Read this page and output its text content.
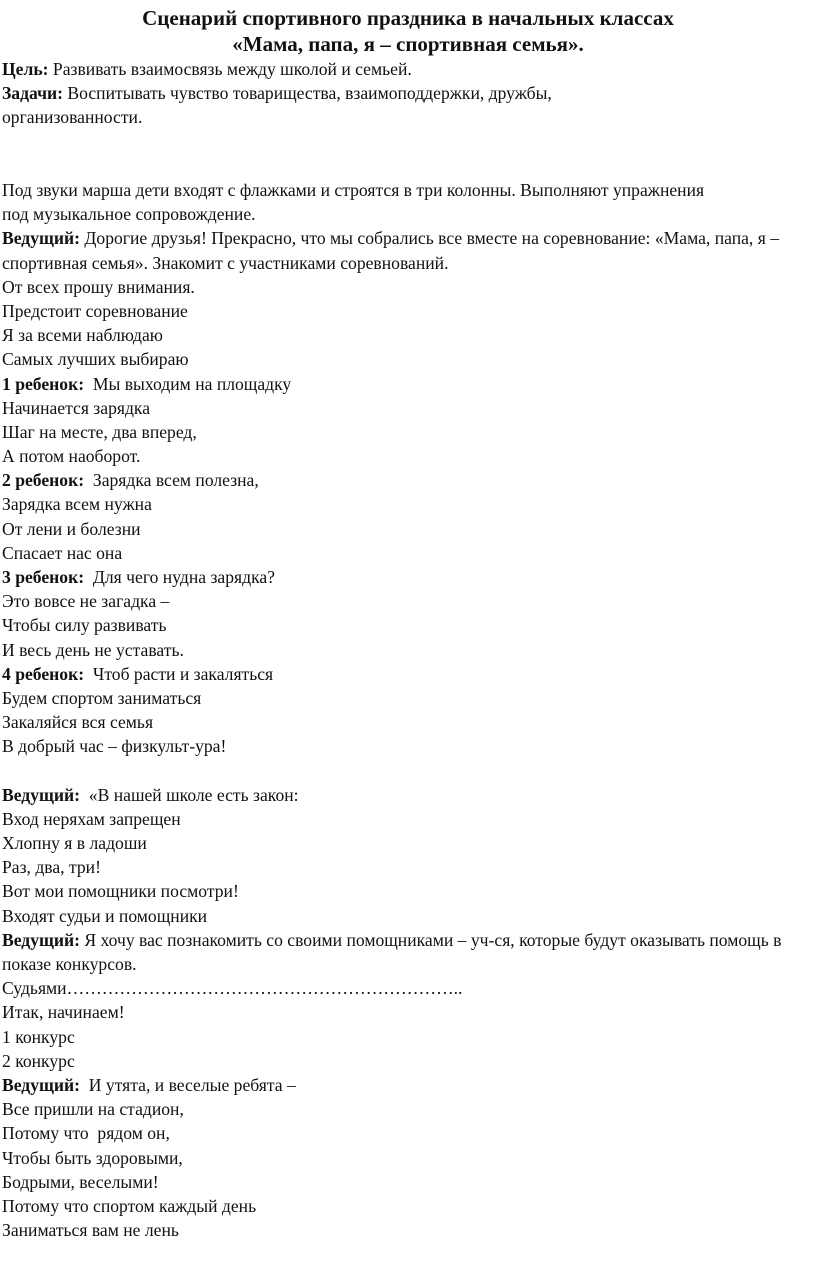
Сценарий спортивного праздника в начальных классах

«Мама, папа, я – спортивная семья».

Цель: Развивать взаимосвязь между школой и семьей.

Задачи: Воспитывать чувство товарищества, взаимоподдержки, дружбы, организованности.

Под звуки марша дети входят с флажками и строятся в три колонны. Выполняют упражнения

под музыкальное сопровождение.

Ведущий: Дорогие друзья! Прекрасно, что мы собрались все вместе на соревнование: «Мама, папа, я – спортивная семья». Знакомит с участниками соревнований.

От всех прошу внимания.

Предстоит соревнование

Я за всеми наблюдаю

Самых лучших выбираю

1 ребенок:  Мы выходим на площадку

Начинается зарядка

Шаг на месте, два вперед,

А потом наоборот.

2 ребенок:  Зарядка всем полезна,

Зарядка всем нужна

От лени и болезни

Спасает нас она

3 ребенок:  Для чего нудна зарядка?

Это вовсе не загадка –

Чтобы силу развивать

И весь день не уставать.

4 ребенок:  Чтоб расти и закаляться

Будем спортом заниматься

Закаляйся вся семья

В добрый час – физкульт-ура!

Ведущий:  «В нашей школе есть закон:

Вход неряхам запрещен

Хлопну я в ладоши

Раз, два, три!

Вот мои помощники посмотри!

Входят судьи и помощники

Ведущий: Я хочу вас познакомить со своими помощниками – уч-ся, которые будут оказывать помощь в показе конкурсов.

Судьями…………………………………………………………..

Итак, начинаем!

1 конкурс

2 конкурс

Ведущий:  И утята, и веселые ребята –

Все пришли на стадион,

Потому что  рядом он,

Чтобы быть здоровыми,

Бодрыми, веселыми!

Потому что спортом каждый день

Заниматься вам не лень
